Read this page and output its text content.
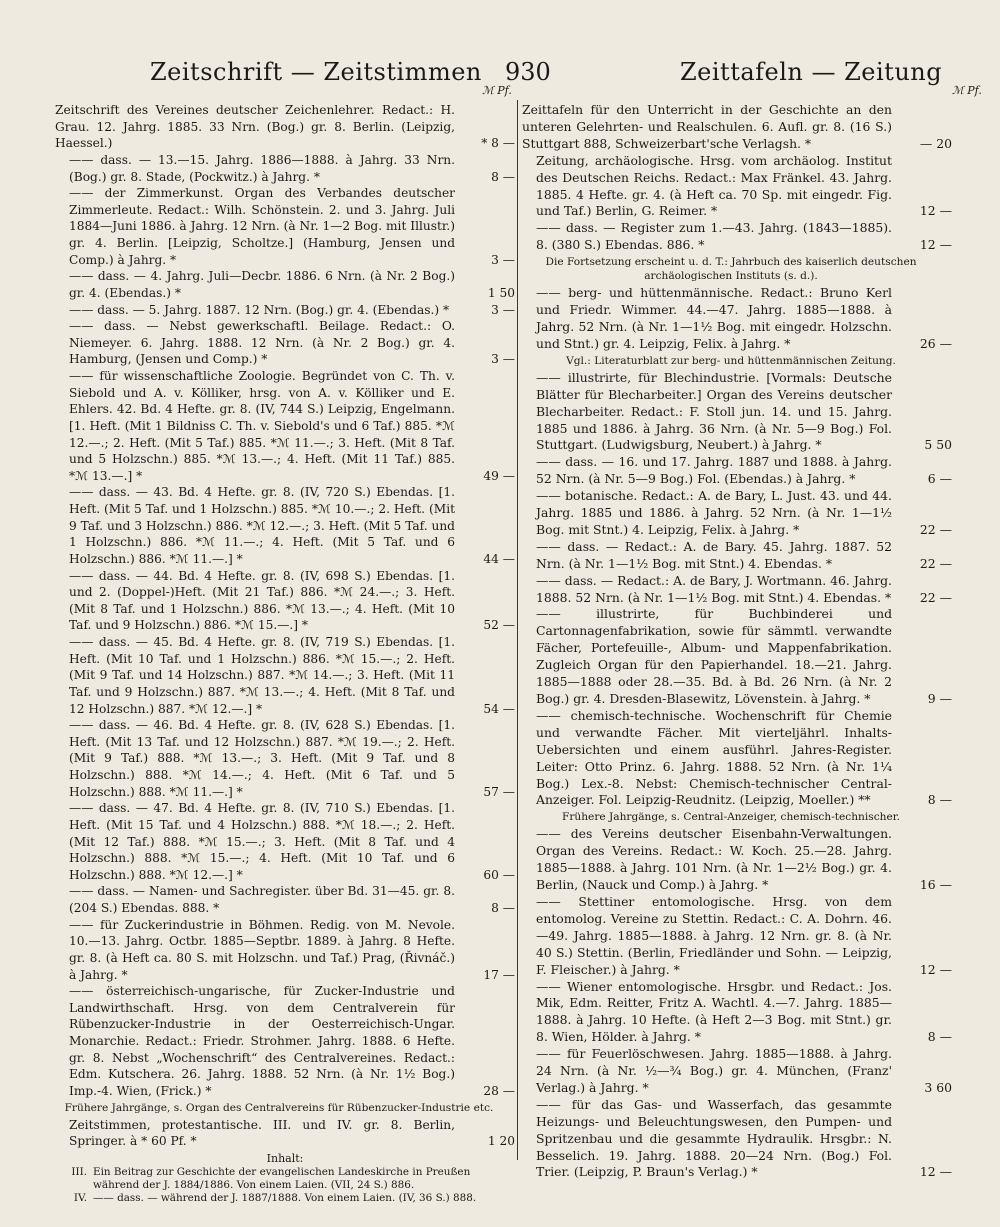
Zeitschrift — Zeitstimmen 930	Zeittafeln — Zeitung
ℳ Pf.	ℳ Pf.
Zeitschrift des Vereines deutscher Zeichenlehrer. Redact.: H. Grau. 12. Jahrg. 1885. 33 Nrn. (Bog.) gr. 8. Berlin. (Leipzig, Haessel.)	* 8 —
—— dass. — 13.—15. Jahrg. 1886—1888. à Jahrg. 33 Nrn. (Bog.) gr. 8. Stade, (Pockwitz.) à Jahrg. *	8 —
—— der Zimmerkunst. Organ des Verbandes deutscher Zimmerleute. Redact.: Wilh. Schönstein. 2. und 3. Jahrg. Juli 1884—Juni 1886. à Jahrg. 12 Nrn. (à Nr. 1—2 Bog. mit Illustr.) gr. 4. Berlin. [Leipzig, Scholtze.] (Hamburg, Jensen und Comp.) à Jahrg. *	3 —
—— dass. — 4. Jahrg. Juli—Decbr. 1886. 6 Nrn. (à Nr. 2 Bog.) gr. 4. (Ebendas.) *	1 50
—— dass. — 5. Jahrg. 1887. 12 Nrn. (Bog.) gr. 4. (Ebendas.) *	3 —
—— dass. — Nebst gewerkschaftl. Beilage. Redact.: O. Niemeyer. 6. Jahrg. 1888. 12 Nrn. (à Nr. 2 Bog.) gr. 4. Hamburg, (Jensen und Comp.) *	3 —
—— für wissenschaftliche Zoologie. Begründet von C. Th. v. Siebold und A. v. Kölliker, hrsg. von A. v. Kölliker und E. Ehlers. 42. Bd. 4 Hefte. gr. 8. (IV, 744 S.) Leipzig, Engelmann. [1. Heft. (Mit 1 Bildniss C. Th. v. Siebold's und 6 Taf.) 885. *ℳ 12.—.; 2. Heft. (Mit 5 Taf.) 885. *ℳ 11.—.; 3. Heft. (Mit 8 Taf. und 5 Holzschn.) 885. *ℳ 13.—.; 4. Heft. (Mit 11 Taf.) 885. *ℳ 13.—.] *	49 —
—— dass. — 43. Bd. 4 Hefte. gr. 8. (IV, 720 S.) Ebendas. [1. Heft. (Mit 5 Taf. und 1 Holzschn.) 885. *ℳ 10.—.; 2. Heft. (Mit 9 Taf. und 3 Holzschn.) 886. *ℳ 12.—.; 3. Heft. (Mit 5 Taf. und 1 Holzschn.) 886. *ℳ 11.—.; 4. Heft. (Mit 5 Taf. und 6 Holzschn.) 886. *ℳ 11.—.] *	44 —
—— dass. — 44. Bd. 4 Hefte. gr. 8. (IV, 698 S.) Ebendas. [1. und 2. (Doppel-)Heft. (Mit 21 Taf.) 886. *ℳ 24.—.; 3. Heft. (Mit 8 Taf. und 1 Holzschn.) 886. *ℳ 13.—.; 4. Heft. (Mit 10 Taf. und 9 Holzschn.) 886. *ℳ 15.—.] *	52 —
—— dass. — 45. Bd. 4 Hefte. gr. 8. (IV, 719 S.) Ebendas. [1. Heft. (Mit 10 Taf. und 1 Holzschn.) 886. *ℳ 15.—.; 2. Heft. (Mit 9 Taf. und 14 Holzschn.) 887. *ℳ 14.—.; 3. Heft. (Mit 11 Taf. und 9 Holzschn.) 887. *ℳ 13.—.; 4. Heft. (Mit 8 Taf. und 12 Holzschn.) 887. *ℳ 12.—.] *	54 —
—— dass. — 46. Bd. 4 Hefte. gr. 8. (IV, 628 S.) Ebendas. [1. Heft. (Mit 13 Taf. und 12 Holzschn.) 887. *ℳ 19.—.; 2. Heft. (Mit 9 Taf.) 888. *ℳ 13.—.; 3. Heft. (Mit 9 Taf. und 8 Holzschn.) 888. *ℳ 14.—.; 4. Heft. (Mit 6 Taf. und 5 Holzschn.) 888. *ℳ 11.—.] *	57 —
—— dass. — 47. Bd. 4 Hefte. gr. 8. (IV, 710 S.) Ebendas. [1. Heft. (Mit 15 Taf. und 4 Holzschn.) 888. *ℳ 18.—.; 2. Heft. (Mit 12 Taf.) 888. *ℳ 15.—.; 3. Heft. (Mit 8 Taf. und 4 Holzschn.) 888. *ℳ 15.—.; 4. Heft. (Mit 10 Taf. und 6 Holzschn.) 888. *ℳ 12.—.] *	60 —
—— dass. — Namen- und Sachregister. über Bd. 31—45. gr. 8. (204 S.) Ebendas. 888. *	8 —
—— für Zuckerindustrie in Böhmen. Redig. von M. Nevole. 10.—13. Jahrg. Octbr. 1885—Septbr. 1889. à Jahrg. 8 Hefte. gr. 8. (à Heft ca. 80 S. mit Holzschn. und Taf.) Prag, (Řivnáč.) à Jahrg. *	17 —
—— österreichisch-ungarische, für Zucker-Industrie und Landwirthschaft. Hrsg. von dem Centralverein für Rübenzucker-Industrie in der Oesterreichisch-Ungar. Monarchie. Redact.: Friedr. Strohmer. Jahrg. 1888. 6 Hefte. gr. 8. Nebst „Wochenschrift“ des Centralvereines. Redact.: Edm. Kutschera. 26. Jahrg. 1888. 52 Nrn. (à Nr. 1½ Bog.) Imp.-4. Wien, (Frick.) *	28 —
Frühere Jahrgänge, s. Organ des Centralvereins für Rübenzucker-Industrie etc.
Zeitstimmen, protestantische. III. und IV. gr. 8. Berlin, Springer. à * 60 Pf. *	1 20
Inhalt:
III. Ein Beitrag zur Geschichte der evangelischen Landeskirche in Preußen während der J. 1884/1886. Von einem Laien. (VII, 24 S.) 886.
IV. —— dass. — während der J. 1887/1888. Von einem Laien. (IV, 36 S.) 888.
Zeittafeln für den Unterricht in der Geschichte an den unteren Gelehrten- und Realschulen. 6. Aufl. gr. 8. (16 S.) Stuttgart 888, Schweizerbart'sche Verlagsh. *	— 20
Zeitung, archäologische. Hrsg. vom archäolog. Institut des Deutschen Reichs. Redact.: Max Fränkel. 43. Jahrg. 1885. 4 Hefte. gr. 4. (à Heft ca. 70 Sp. mit eingedr. Fig. und Taf.) Berlin, G. Reimer. *	12 —
—— dass. — Register zum 1.—43. Jahrg. (1843—1885). 8. (380 S.) Ebendas. 886. *	12 —
Die Fortsetzung erscheint u. d. T.: Jahrbuch des kaiserlich deutschen archäologischen Instituts (s. d.).
—— berg- und hüttenmännische. Redact.: Bruno Kerl und Friedr. Wimmer. 44.—47. Jahrg. 1885—1888. à Jahrg. 52 Nrn. (à Nr. 1—1½ Bog. mit eingedr. Holzschn. und Stnt.) gr. 4. Leipzig, Felix. à Jahrg. *	26 —
Vgl.: Literaturblatt zur berg- und hüttenmännischen Zeitung.
—— illustrirte, für Blechindustrie. [Vormals: Deutsche Blätter für Blecharbeiter.] Organ des Vereins deutscher Blecharbeiter. Redact.: F. Stoll jun. 14. und 15. Jahrg. 1885 und 1886. à Jahrg. 36 Nrn. (à Nr. 5—9 Bog.) Fol. Stuttgart. (Ludwigsburg, Neubert.) à Jahrg. *	5 50
—— dass. — 16. und 17. Jahrg. 1887 und 1888. à Jahrg. 52 Nrn. (à Nr. 5—9 Bog.) Fol. (Ebendas.) à Jahrg. *	6 —
—— botanische. Redact.: A. de Bary, L. Just. 43. und 44. Jahrg. 1885 und 1886. à Jahrg. 52 Nrn. (à Nr. 1—1½ Bog. mit Stnt.) 4. Leipzig, Felix. à Jahrg. *	22 —
—— dass. — Redact.: A. de Bary. 45. Jahrg. 1887. 52 Nrn. (à Nr. 1—1½ Bog. mit Stnt.) 4. Ebendas. *	22 —
—— dass. — Redact.: A. de Bary, J. Wortmann. 46. Jahrg. 1888. 52 Nrn. (à Nr. 1—1½ Bog. mit Stnt.) 4. Ebendas. *	22 —
—— illustrirte, für Buchbinderei und Cartonnagenfabrikation, sowie für sämmtl. verwandte Fächer, Portefeuille-, Album- und Mappenfabrikation. Zugleich Organ für den Papierhandel. 18.—21. Jahrg. 1885—1888 oder 28.—35. Bd. à Bd. 26 Nrn. (à Nr. 2 Bog.) gr. 4. Dresden-Blasewitz, Lövenstein. à Jahrg. *	9 —
—— chemisch-technische. Wochenschrift für Chemie und verwandte Fächer. Mit vierteljährl. Inhalts-Uebersichten und einem ausführl. Jahres-Register. Leiter: Otto Prinz. 6. Jahrg. 1888. 52 Nrn. (à Nr. 1¼ Bog.) Lex.-8. Nebst: Chemisch-technischer Central-Anzeiger. Fol. Leipzig-Reudnitz. (Leipzig, Moeller.) **	8 —
Frühere Jahrgänge, s. Central-Anzeiger, chemisch-technischer.
—— des Vereins deutscher Eisenbahn-Verwaltungen. Organ des Vereins. Redact.: W. Koch. 25.—28. Jahrg. 1885—1888. à Jahrg. 101 Nrn. (à Nr. 1—2½ Bog.) gr. 4. Berlin, (Nauck und Comp.) à Jahrg. *	16 —
—— Stettiner entomologische. Hrsg. von dem entomolog. Vereine zu Stettin. Redact.: C. A. Dohrn. 46.—49. Jahrg. 1885—1888. à Jahrg. 12 Nrn. gr. 8. (à Nr. 40 S.) Stettin. (Berlin, Friedländer und Sohn. — Leipzig, F. Fleischer.) à Jahrg. *	12 —
—— Wiener entomologische. Hrsgbr. und Redact.: Jos. Mik, Edm. Reitter, Fritz A. Wachtl. 4.—7. Jahrg. 1885—1888. à Jahrg. 10 Hefte. (à Heft 2—3 Bog. mit Stnt.) gr. 8. Wien, Hölder. à Jahrg. *	8 —
—— für Feuerlöschwesen. Jahrg. 1885—1888. à Jahrg. 24 Nrn. (à Nr. ½—¾ Bog.) gr. 4. München, (Franz' Verlag.) à Jahrg. *	3 60
—— für das Gas- und Wasserfach, das gesammte Heizungs- und Beleuchtungswesen, den Pumpen- und Spritzenbau und die gesammte Hydraulik. Hrsgbr.: N. Besselich. 19. Jahrg. 1888. 20—24 Nrn. (Bog.) Fol. Trier. (Leipzig, P. Braun's Verlag.) *	12 —
